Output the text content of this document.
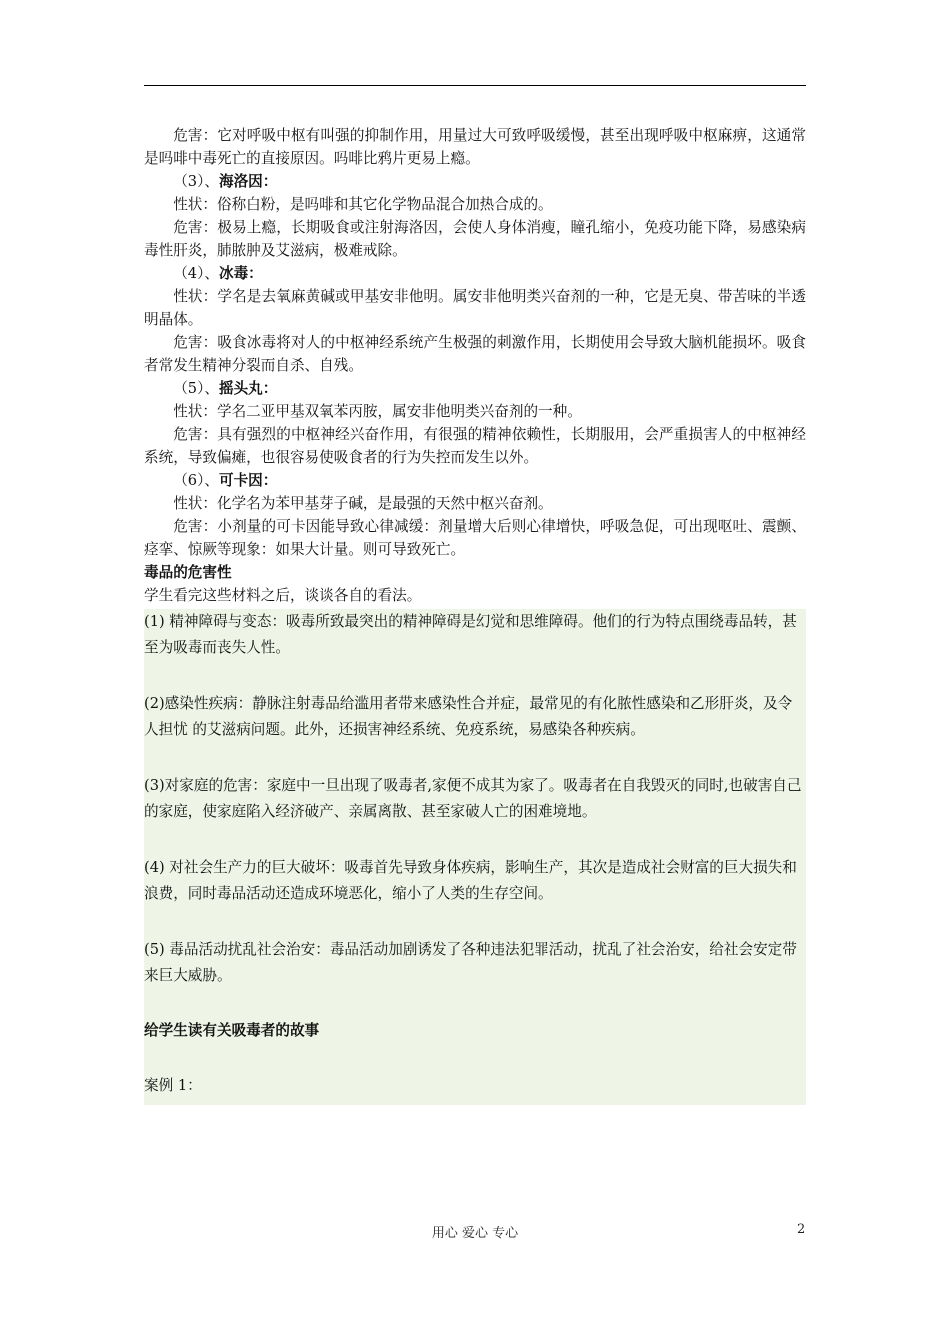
危害：它对呼吸中枢有叫强的抑制作用，用量过大可致呼吸缓慢，甚至出现呼吸中枢麻痹，这通常是吗啡中毒死亡的直接原因。吗啡比鸦片更易上瘾。

（3）、海洛因：

性状：俗称白粉，是吗啡和其它化学物品混合加热合成的。

危害：极易上瘾，长期吸食或注射海洛因，会使人身体消瘦，瞳孔缩小，免疫功能下降，易感染病毒性肝炎，肺脓肿及艾滋病，极难戒除。

（4）、冰毒：

性状：学名是去氧麻黄碱或甲基安非他明。属安非他明类兴奋剂的一种，它是无臭、带苦味的半透明晶体。

危害：吸食冰毒将对人的中枢神经系统产生极强的刺激作用，长期使用会导致大脑机能损坏。吸食者常发生精神分裂而自杀、自残。

（5）、摇头丸：

性状：学名二亚甲基双氧苯丙胺，属安非他明类兴奋剂的一种。

危害：具有强烈的中枢神经兴奋作用，有很强的精神依赖性，长期服用，会严重损害人的中枢神经系统，导致偏瘫，也很容易使吸食者的行为失控而发生以外。

（6）、可卡因：

性状：化学名为苯甲基芽子碱，是最强的天然中枢兴奋剂。

危害：小剂量的可卡因能导致心律减缓：剂量增大后则心律增快，呼吸急促，可出现呕吐、震颤、痉挛、惊厥等现象：如果大计量。则可导致死亡。

毒品的危害性

学生看完这些材料之后，谈谈各自的看法。

(1) 精神障碍与变态：吸毒所致最突出的精神障碍是幻觉和思维障碍。他们的行为特点围绕毒品转，甚至为吸毒而丧失人性。

(2)感染性疾病：静脉注射毒品给滥用者带来感染性合并症，最常见的有化脓性感染和乙形肝炎，及令人担忧 的艾滋病问题。此外，还损害神经系统、免疫系统，易感染各种疾病。

(3)对家庭的危害：家庭中一旦出现了吸毒者,家便不成其为家了。吸毒者在自我毁灭的同时,也破害自己的家庭，使家庭陷入经济破产、亲属离散、甚至家破人亡的困难境地。

(4) 对社会生产力的巨大破坏：吸毒首先导致身体疾病，影响生产，其次是造成社会财富的巨大损失和浪费，同时毒品活动还造成环境恶化，缩小了人类的生存空间。

(5) 毒品活动扰乱社会治安：毒品活动加剧诱发了各种违法犯罪活动，扰乱了社会治安，给社会安定带来巨大威胁。

给学生读有关吸毒者的故事

案例 1：

用心 爱心 专心	2
